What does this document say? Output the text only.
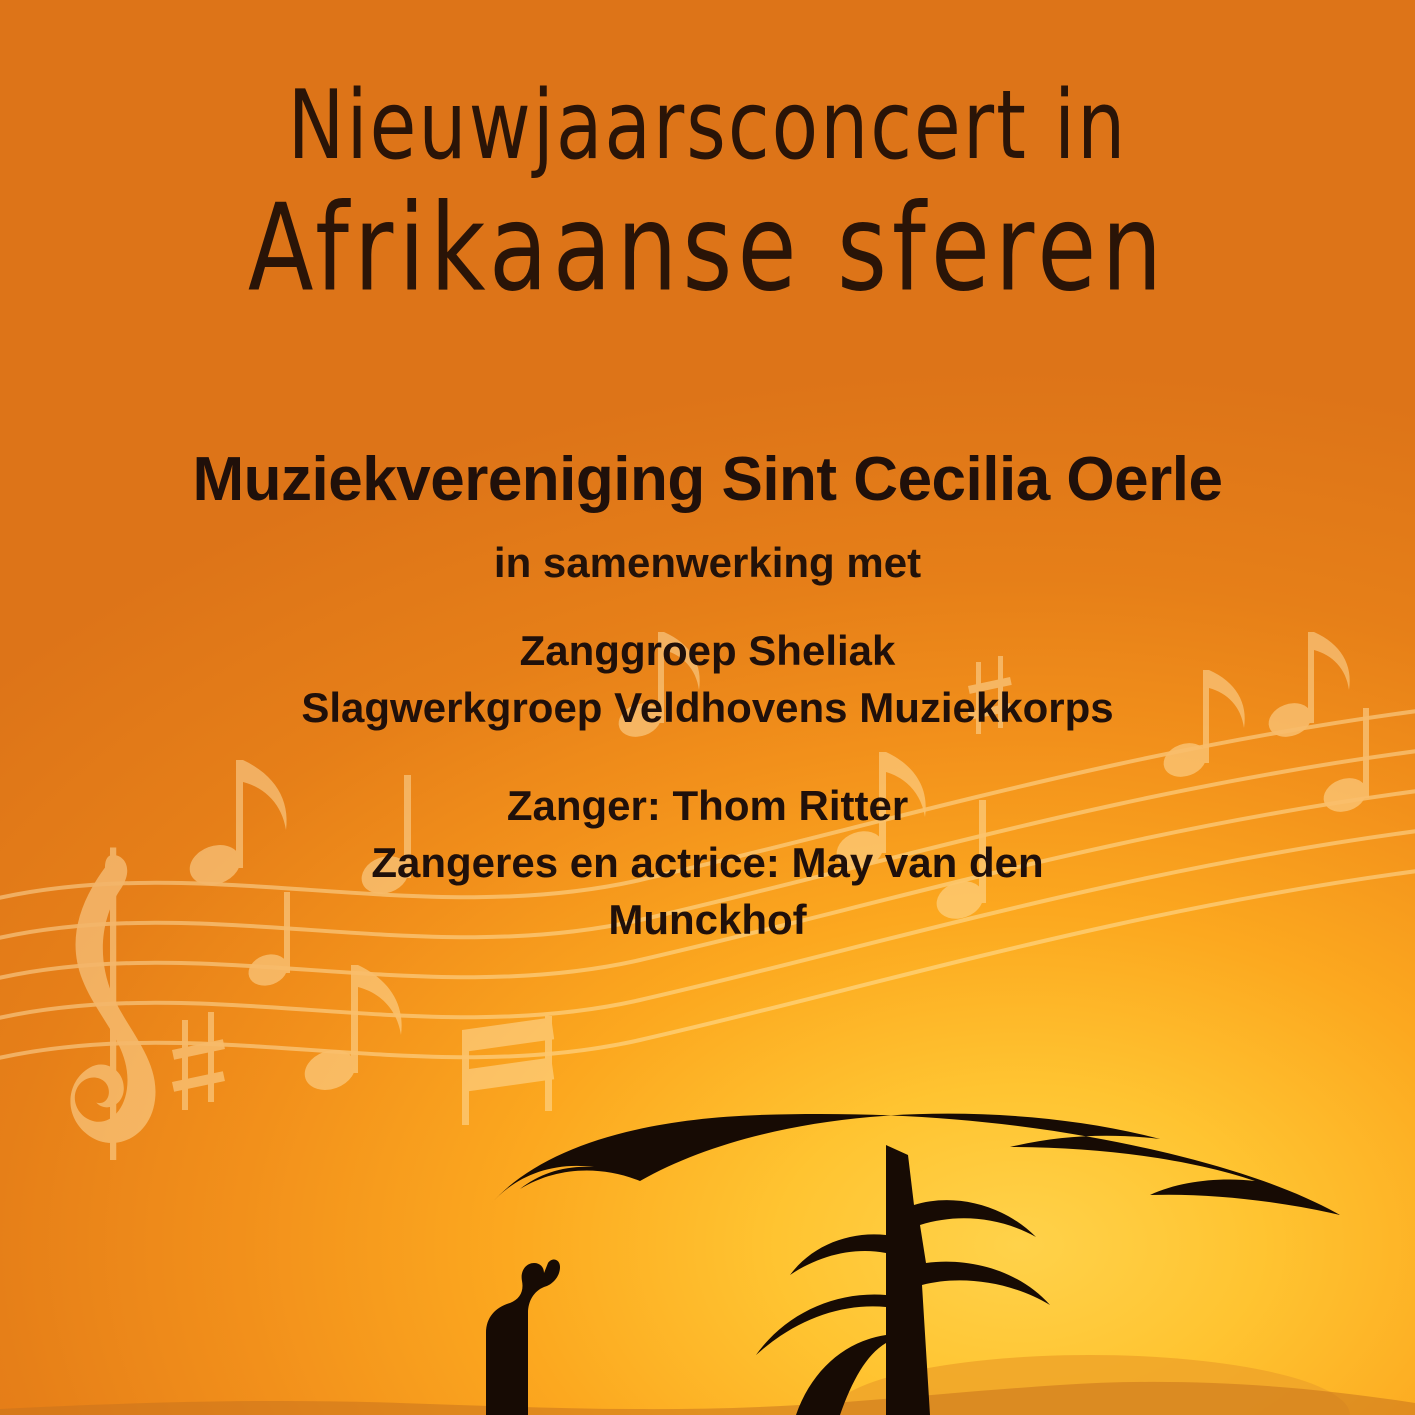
Nieuwjaarsconcert in
Afrikaanse sferen
Muziekvereniging Sint Cecilia Oerle
in samenwerking met
Zanggroep Sheliak
Slagwerkgroep Veldhovens Muziekkorps
Zanger: Thom Ritter
Zangeres en actrice: May van den Munckhof
